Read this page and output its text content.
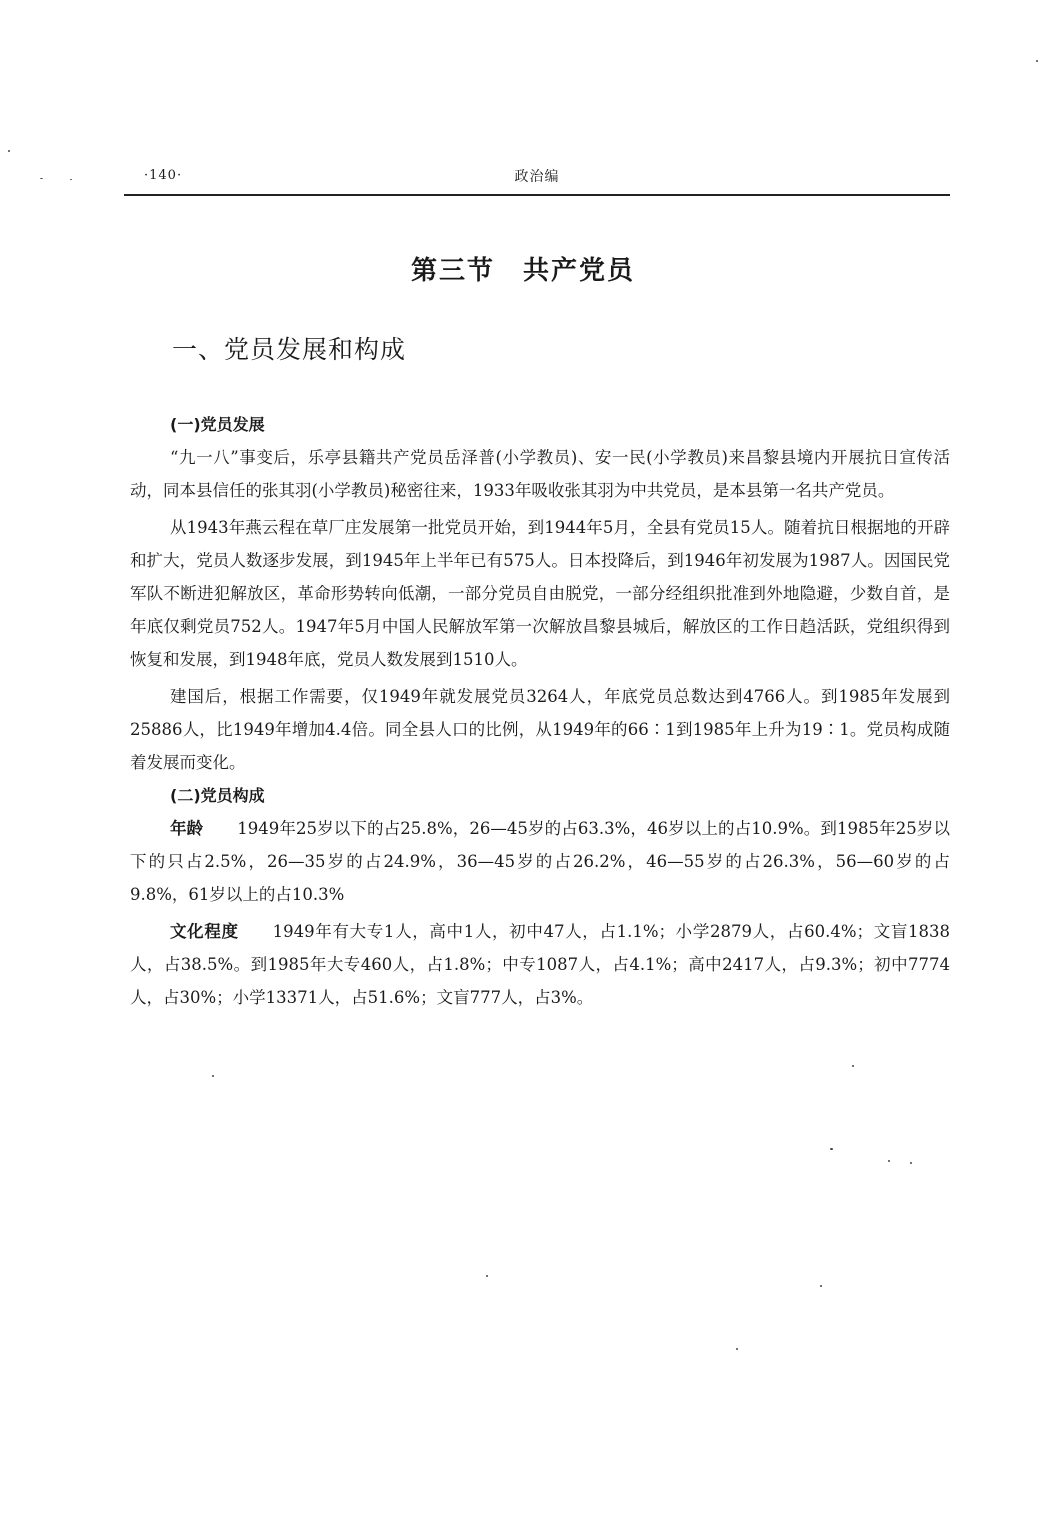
·140·	政治编
第三节　共产党员
一、党员发展和构成

(一)党员发展

“九一八”事变后，乐亭县籍共产党员岳泽普(小学教员)、安一民(小学教员)来昌黎县境内开展抗日宣传活动，同本县信任的张其羽(小学教员)秘密往来，1933年吸收张其羽为中共党员，是本县第一名共产党员。

从1943年燕云程在草厂庄发展第一批党员开始，到1944年5月，全县有党员15人。随着抗日根据地的开辟和扩大，党员人数逐步发展，到1945年上半年已有575人。日本投降后，到1946年初发展为1987人。因国民党军队不断进犯解放区，革命形势转向低潮，一部分党员自由脱党，一部分经组织批准到外地隐避，少数自首，是年底仅剩党员752人。1947年5月中国人民解放军第一次解放昌黎县城后，解放区的工作日趋活跃，党组织得到恢复和发展，到1948年底，党员人数发展到1510人。

建国后，根据工作需要，仅1949年就发展党员3264人，年底党员总数达到4766人。到1985年发展到25886人，比1949年增加4.4倍。同全县人口的比例，从1949年的66∶1到1985年上升为19∶1。党员构成随着发展而变化。

(二)党员构成

年龄 1949年25岁以下的占25.8%，26—45岁的占63.3%，46岁以上的占10.9%。到1985年25岁以下的只占2.5%，26—35岁的占24.9%，36—45岁的占26.2%，46—55岁的占26.3%，56—60岁的占9.8%，61岁以上的占10.3%

文化程度 1949年有大专1人，高中1人，初中47人，占1.1%；小学2879人，占60.4%；文盲1838人，占38.5%。到1985年大专460人，占1.8%；中专1087人，占4.1%；高中2417人，占9.3%；初中7774人，占30%；小学13371人，占51.6%；文盲777人，占3%。
